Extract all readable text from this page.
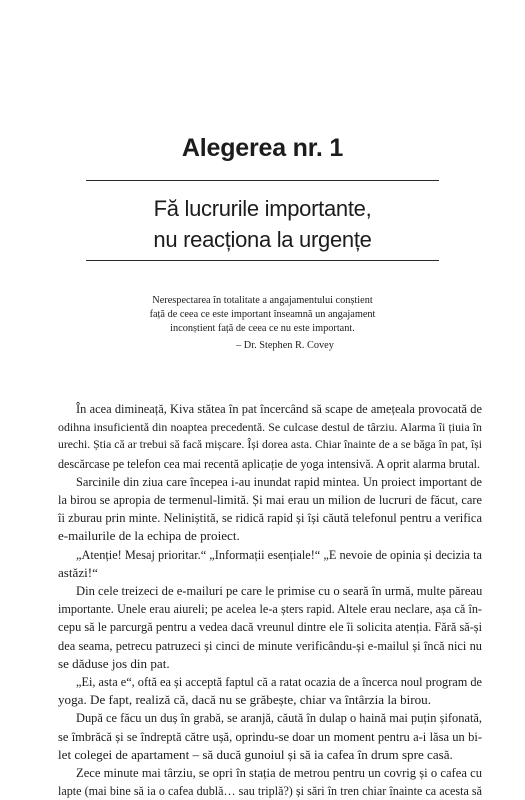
Alegerea nr. 1
Fă lucrurile importante,
nu reacționa la urgențe
Nerespectarea în totalitate a angajamentului conștient
față de ceea ce este important înseamnă un angajament
inconștient față de ceea ce nu este important.
– Dr. Stephen R. Covey

În acea dimineață, Kiva stătea în pat încercând să scape de amețeala provocată de
odihna insuficientă din noaptea precedentă. Se culcase destul de târziu. Alarma îi țiuia în
urechi. Știa că ar trebui să facă mișcare. Își dorea asta. Chiar înainte de a se băga în pat, își
descărcase pe telefon cea mai recentă aplicație de yoga intensivă. A oprit alarma brutal.

Sarcinile din ziua care începea i-au inundat rapid mintea. Un proiect important de
la birou se apropia de termenul-limită. Și mai erau un milion de lucruri de făcut, care
îi zburau prin minte. Neliniștită, se ridică rapid și își căută telefonul pentru a verifica
e-mailurile de la echipa de proiect.

„Atenție! Mesaj prioritar.“ „Informații esențiale!“ „E nevoie de opinia și decizia ta
astăzi!“

Din cele treizeci de e-mailuri pe care le primise cu o seară în urmă, multe păreau
importante. Unele erau aiureli; pe acelea le-a șters rapid. Altele erau neclare, așa că în-
cepu să le parcurgă pentru a vedea dacă vreunul dintre ele îi solicita atenția. Fără să-și
dea seama, petrecu patruzeci și cinci de minute verificându-și e-mailul și încă nici nu
se dăduse jos din pat.

„Ei, asta e“, oftă ea și acceptă faptul că a ratat ocazia de a încerca noul program de
yoga. De fapt, realiză că, dacă nu se grăbește, chiar va întârzia la birou.

După ce făcu un duș în grabă, se aranjă, căută în dulap o haină mai puțin șifonată,
se îmbrăcă și se îndreptă către ușă, oprindu-se doar un moment pentru a-i lăsa un bi-
let colegei de apartament – să ducă gunoiul și să ia cafea în drum spre casă.

Zece minute mai târziu, se opri în stația de metrou pentru un covrig și o cafea cu
lapte (mai bine să ia o cafea dublă… sau triplă?) și sări în tren chiar înainte ca acesta să
